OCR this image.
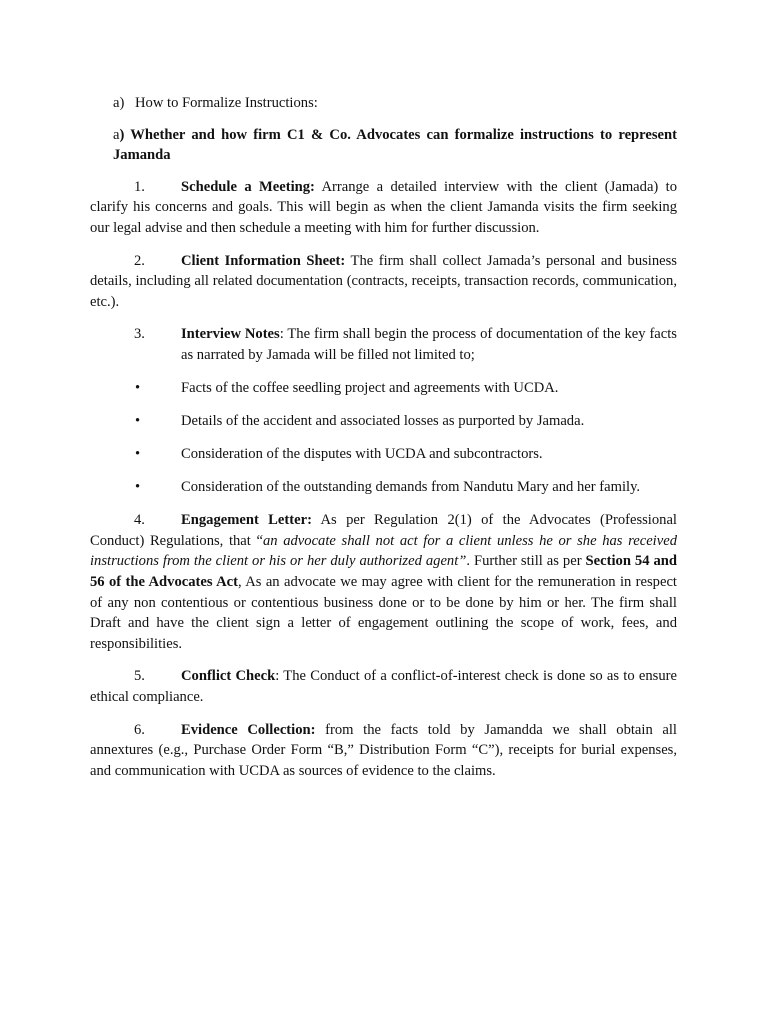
a) How to Formalize Instructions:

a) Whether and how firm C1 & Co. Advocates can formalize instructions to represent Jamanda

1. Schedule a Meeting: Arrange a detailed interview with the client (Jamada) to clarify his concerns and goals. This will begin as when the client Jamanda visits the firm seeking our legal advise and then schedule a meeting with him for further discussion.

2. Client Information Sheet: The firm shall collect Jamada’s personal and business details, including all related documentation (contracts, receipts, transaction records, communication, etc.).

3. Interview Notes: The firm shall begin the process of documentation of the key facts as narrated by Jamada will be filled not limited to;

•	Facts of the coffee seedling project and agreements with UCDA.

•	Details of the accident and associated losses as purported by Jamada.

•	Consideration of the disputes with UCDA and subcontractors.

•	Consideration of the outstanding demands from Nandutu Mary and her family.

4. Engagement Letter: As per Regulation 2(1) of the Advocates (Professional Conduct) Regulations, that “an advocate shall not act for a client unless he or she has received instructions from the client or his or her duly authorized agent”. Further still as per Section 54 and 56 of the Advocates Act, As an advocate we may agree with client for the remuneration in respect of any non contentious or contentious business done or to be done by him or her. The firm shall Draft and have the client sign a letter of engagement outlining the scope of work, fees, and responsibilities.

5. Conflict Check: The Conduct of a conflict-of-interest check is done so as to ensure ethical compliance.

6. Evidence Collection: from the facts told by Jamandda we shall obtain all annextures (e.g., Purchase Order Form “B,” Distribution Form “C”), receipts for burial expenses, and communication with UCDA as sources of evidence to the claims.
